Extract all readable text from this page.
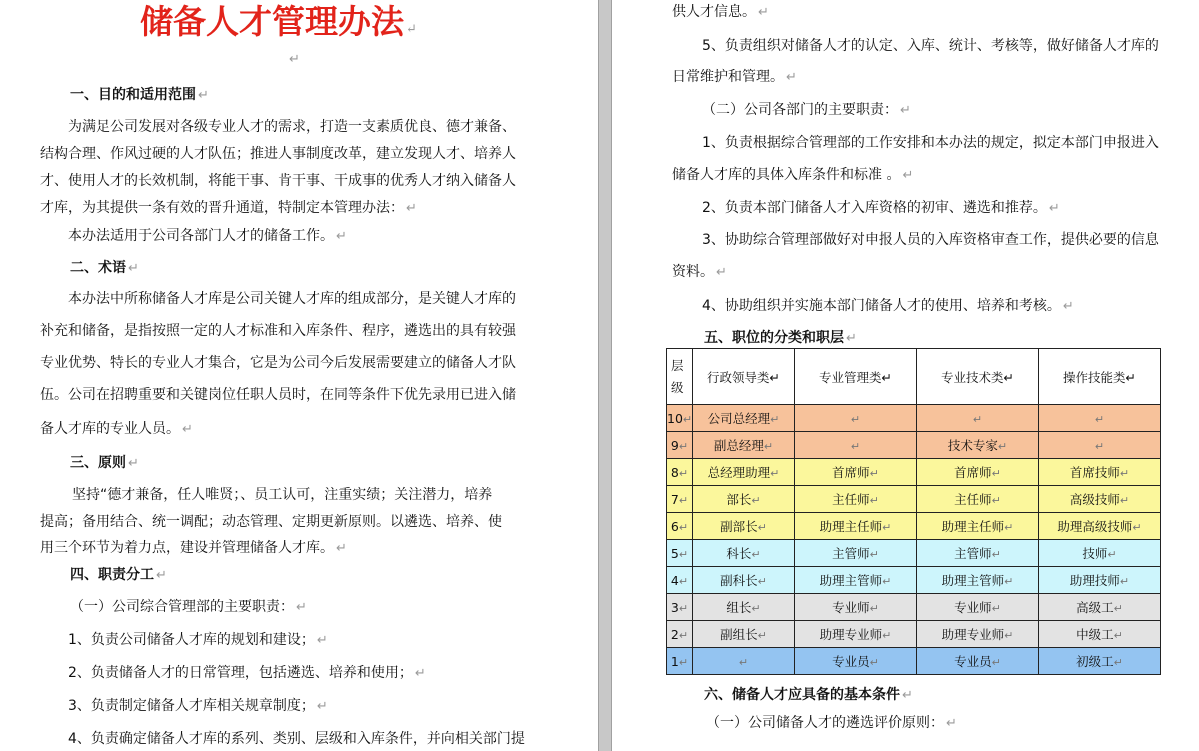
储备人才管理办法 ↵
↵
一、目的和适用范围 ↵
为满足公司发展对各级专业人才的需求，打造一支素质优良、德才兼备、
结构合理、作风过硬的人才队伍；推进人事制度改革，建立发现人才、培养人
才、使用人才的长效机制，将能干事、肯干事、干成事的优秀人才纳入储备人
才库，为其提供一条有效的晋升通道，特制定本管理办法： ↵
本办法适用于公司各部门人才的储备工作。 ↵
二、术语 ↵
本办法中所称储备人才库是公司关键人才库的组成部分，是关键人才库的
补充和储备，是指按照一定的人才标准和入库条件、程序，遴选出的具有较强
专业优势、特长的专业人才集合，它是为公司今后发展需要建立的储备人才队
伍。公司在招聘重要和关键岗位任职人员时，在同等条件下优先录用已进入储
备人才库的专业人员。 ↵
三、原则 ↵
坚持“德才兼备，任人唯贤；、员工认可，注重实绩；关注潜力，培养
提高；备用结合、统一调配；动态管理、定期更新原则。以遴选、培养、使
用三个环节为着力点，建设并管理储备人才库。 ↵
四、职责分工 ↵
（一）公司综合管理部的主要职责： ↵
1、负责公司储备人才库的规划和建设； ↵
2、负责储备人才的日常管理，包括遴选、培养和使用； ↵
3、负责制定储备人才库相关规章制度； ↵
4、负责确定储备人才库的系列、类别、层级和入库条件，并向相关部门提
供人才信息。 ↵
5、负责组织对储备人才的认定、入库、统计、考核等，做好储备人才库的
日常维护和管理。 ↵
（二）公司各部门的主要职责： ↵
1、负责根据综合管理部的工作安排和本办法的规定，拟定本部门申报进入
储备人才库的具体入库条件和标准 。 ↵
2、负责本部门储备人才入库资格的初审、遴选和推荐。 ↵
3、协助综合管理部做好对申报人员的入库资格审查工作，提供必要的信息
资料。 ↵
4、协助组织并实施本部门储备人才的使用、培养和考核。 ↵
五、职位的分类和职层 ↵
层级	行政领导类↵	专业管理类↵	专业技术类↵	操作技能类↵
10↵	公司总经理↵	↵	↵	↵
9↵	副总经理↵	↵	技术专家↵	↵
8↵	总经理助理↵	首席师↵	首席师↵	首席技师↵
7↵	部长↵	主任师↵	主任师↵	高级技师↵
6↵	副部长↵	助理主任师↵	助理主任师↵	助理高级技师↵
5↵	科长↵	主管师↵	主管师↵	技师↵
4↵	副科长↵	助理主管师↵	助理主管师↵	助理技师↵
3↵	组长↵	专业师↵	专业师↵	高级工↵
2↵	副组长↵	助理专业师↵	助理专业师↵	中级工↵
1↵	↵	专业员↵	专业员↵	初级工↵
六、储备人才应具备的基本条件 ↵
（一）公司储备人才的遴选评价原则： ↵
